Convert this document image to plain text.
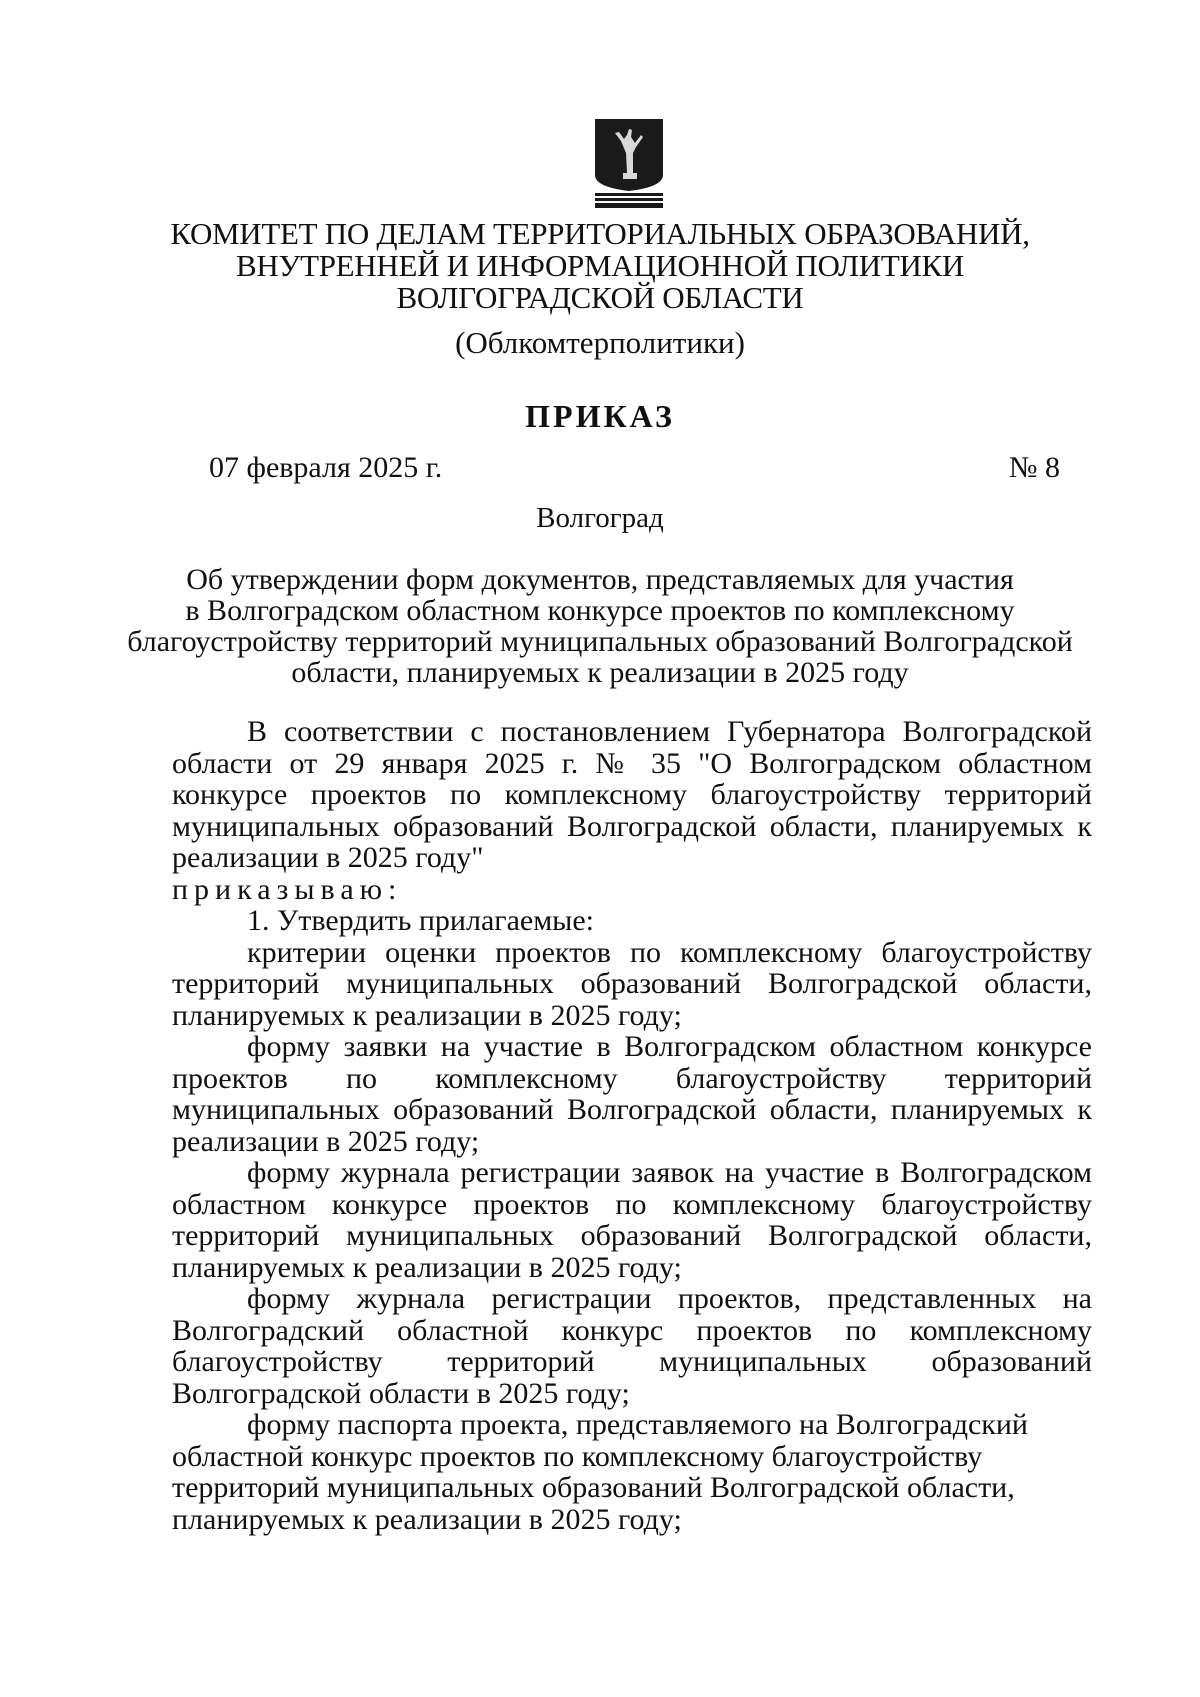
КОМИТЕТ ПО ДЕЛАМ ТЕРРИТОРИАЛЬНЫХ ОБРАЗОВАНИЙ,
ВНУТРЕННЕЙ И ИНФОРМАЦИОННОЙ ПОЛИТИКИ
ВОЛГОГРАДСКОЙ ОБЛАСТИ
(Облкомтерполитики)
ПРИКАЗ
07 февраля 2025 г.	№ 8
Волгоград
Об утверждении форм документов, представляемых для участия
в Волгоградском областном конкурсе проектов по комплексному
благоустройству территорий муниципальных образований Волгоградской
области, планируемых к реализации в 2025 году

В соответствии с постановлением Губернатора Волгоградской области от 29 января 2025 г. № 35 "О Волгоградском областном конкурсе проектов по комплексному благоустройству территорий муниципальных образований Волгоградской области, планируемых к реализации в 2025 году"

приказываю:

1. Утвердить прилагаемые:

критерии оценки проектов по комплексному благоустройству территорий муниципальных образований Волгоградской области, планируемых к реализации в 2025 году;

форму заявки на участие в Волгоградском областном конкурсе проектов по комплексному благоустройству территорий муниципальных образований Волгоградской области, планируемых к реализации в 2025 году;

форму журнала регистрации заявок на участие в Волгоградском областном конкурсе проектов по комплексному благоустройству территорий муниципальных образований Волгоградской области, планируемых к реализации в 2025 году;

форму журнала регистрации проектов, представленных на Волгоградский областной конкурс проектов по комплексному благоустройству территорий муниципальных образований Волгоградской области в 2025 году;

форму паспорта проекта, представляемого на Волгоградский областной конкурс проектов по комплексному благоустройству территорий муниципальных образований Волгоградской области, планируемых к реализации в 2025 году;
